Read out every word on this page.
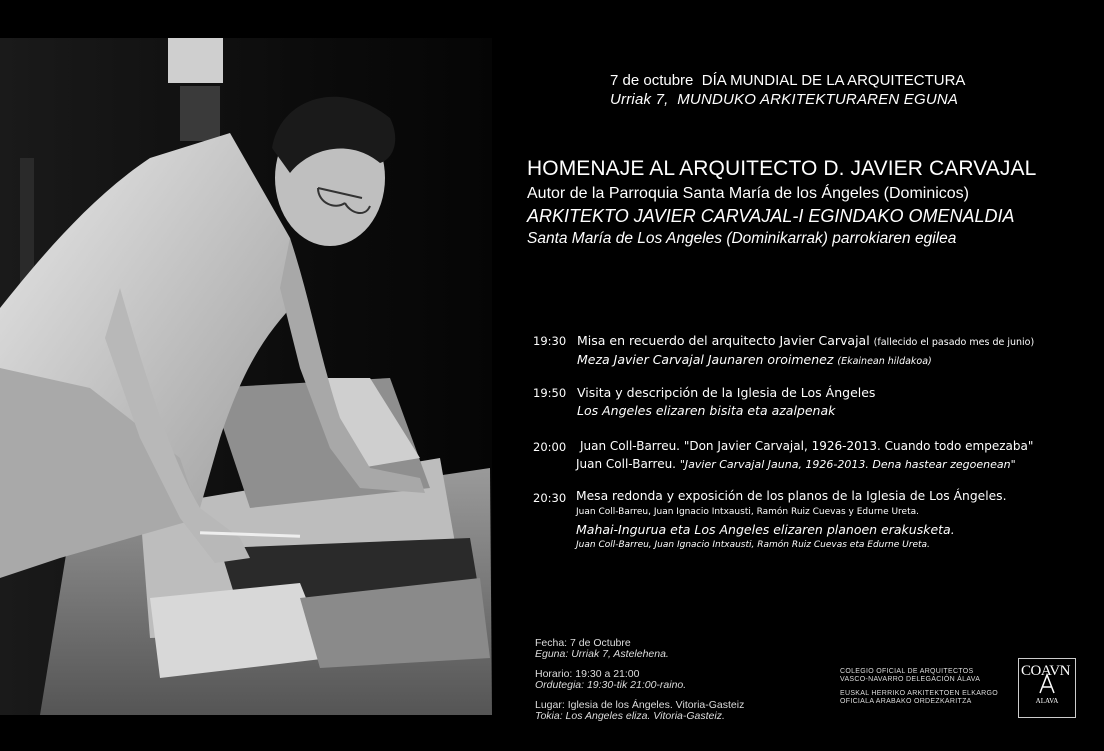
7 de octubre DÍA MUNDIAL DE LA ARQUITECTURA
Urriak 7, MUNDUKO ARKITEKTURAREN EGUNA
HOMENAJE AL ARQUITECTO D. JAVIER CARVAJAL
Autor de la Parroquia Santa María de los Ángeles (Dominicos)
ARKITEKTO JAVIER CARVAJAL-I EGINDAKO OMENALDIA
Santa María de Los Angeles (Dominikarrak) parrokiaren egilea
19:30 Misa en recuerdo del arquitecto Javier Carvajal (fallecido el pasado mes de junio)
Meza Javier Carvajal Jaunaren oroimenez (Ekainean hildakoa)
19:50 Visita y descripción de la Iglesia de Los Ángeles
Los Angeles elizaren bisita eta azalpenak
20:00 Juan Coll-Barreu. "Don Javier Carvajal, 1926-2013. Cuando todo empezaba"
Juan Coll-Barreu. "Javier Carvajal Jauna, 1926-2013. Dena hastear zegoenean"
20:30 Mesa redonda y exposición de los planos de la Iglesia de Los Ángeles.
Juan Coll-Barreu, Juan Ignacio Intxausti, Ramón Ruiz Cuevas y Edurne Ureta.
Mahai-Ingurua eta Los Angeles elizaren planoen erakusketa.
Juan Coll-Barreu, Juan Ignacio Intxausti, Ramón Ruiz Cuevas eta Edurne Ureta.
Fecha: 7 de Octubre
Eguna: Urriak 7, Astelehena.
Horario: 19:30 a 21:00
Ordutegia: 19:30-tik 21:00-raino.
Lugar: Iglesia de los Ángeles. Vitoria-Gasteiz
Tokia: Los Angeles eliza. Vitoria-Gasteiz.
COLEGIO OFICIAL DE ARQUITECTOS
VASCO-NAVARRO DELEGACIÓN ÁLAVA
EUSKAL HERRIKO ARKITEKTOEN ELKARGO
OFICIALA ARABAKO ORDEZKARITZA
COAVN
ALAVA
